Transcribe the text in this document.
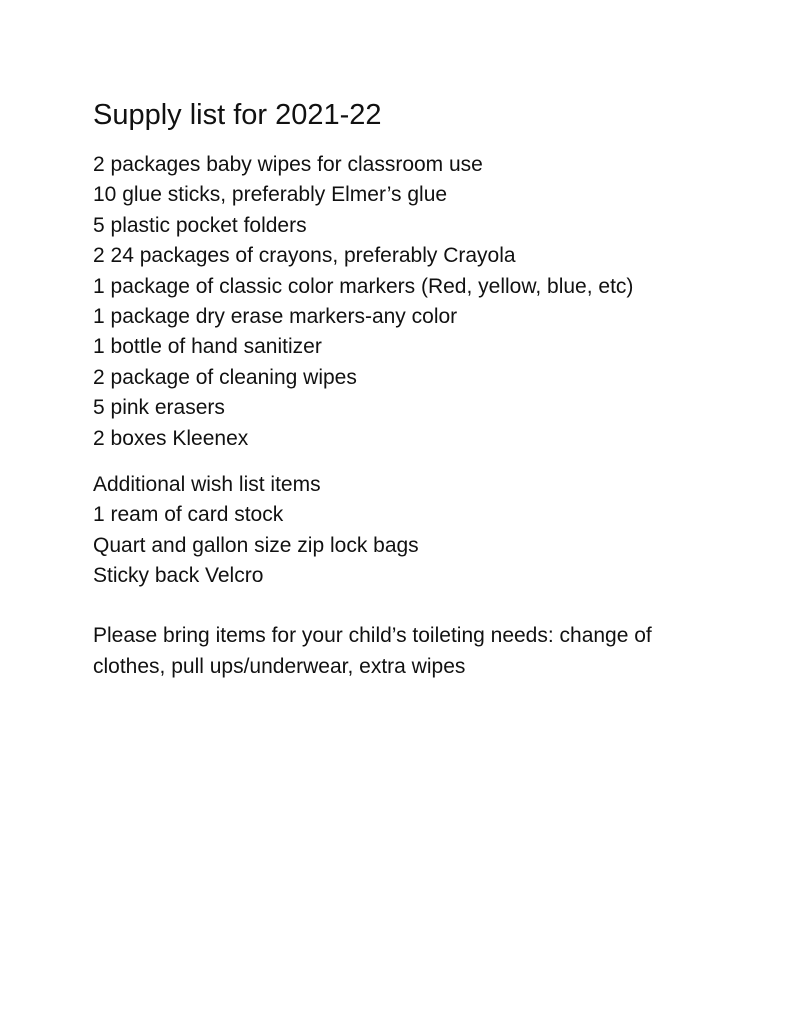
Supply list for 2021-22
2 packages baby wipes for classroom use
10 glue sticks, preferably Elmer’s glue
5 plastic pocket folders
2 24 packages of crayons, preferably Crayola
1 package of classic color markers (Red, yellow, blue, etc)
1 package dry erase markers-any color
1 bottle of hand sanitizer
2 package of cleaning wipes
5 pink erasers
2 boxes Kleenex
Additional wish list items
1 ream of card stock
Quart and gallon size zip lock bags
Sticky back Velcro

Please bring items for your child’s toileting needs: change of clothes, pull ups/underwear, extra wipes
